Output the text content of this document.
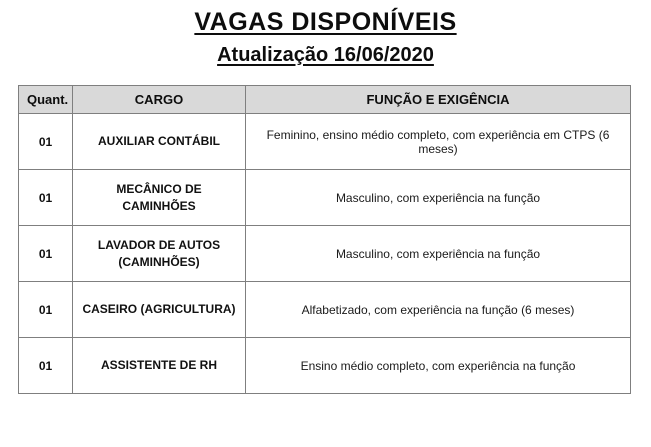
VAGAS DISPONÍVEIS
Atualização 16/06/2020
Quant.	CARGO	FUNÇÃO E EXIGÊNCIA
01	AUXILIAR CONTÁBIL	Feminino, ensino médio completo, com experiência em CTPS (6 meses)
01	MECÂNICO DE CAMINHÕES	Masculino, com experiência na função
01	LAVADOR DE AUTOS (CAMINHÕES)	Masculino, com experiência na função
01	CASEIRO (AGRICULTURA)	Alfabetizado, com experiência na função (6 meses)
01	ASSISTENTE DE RH	Ensino médio completo, com experiência na função
